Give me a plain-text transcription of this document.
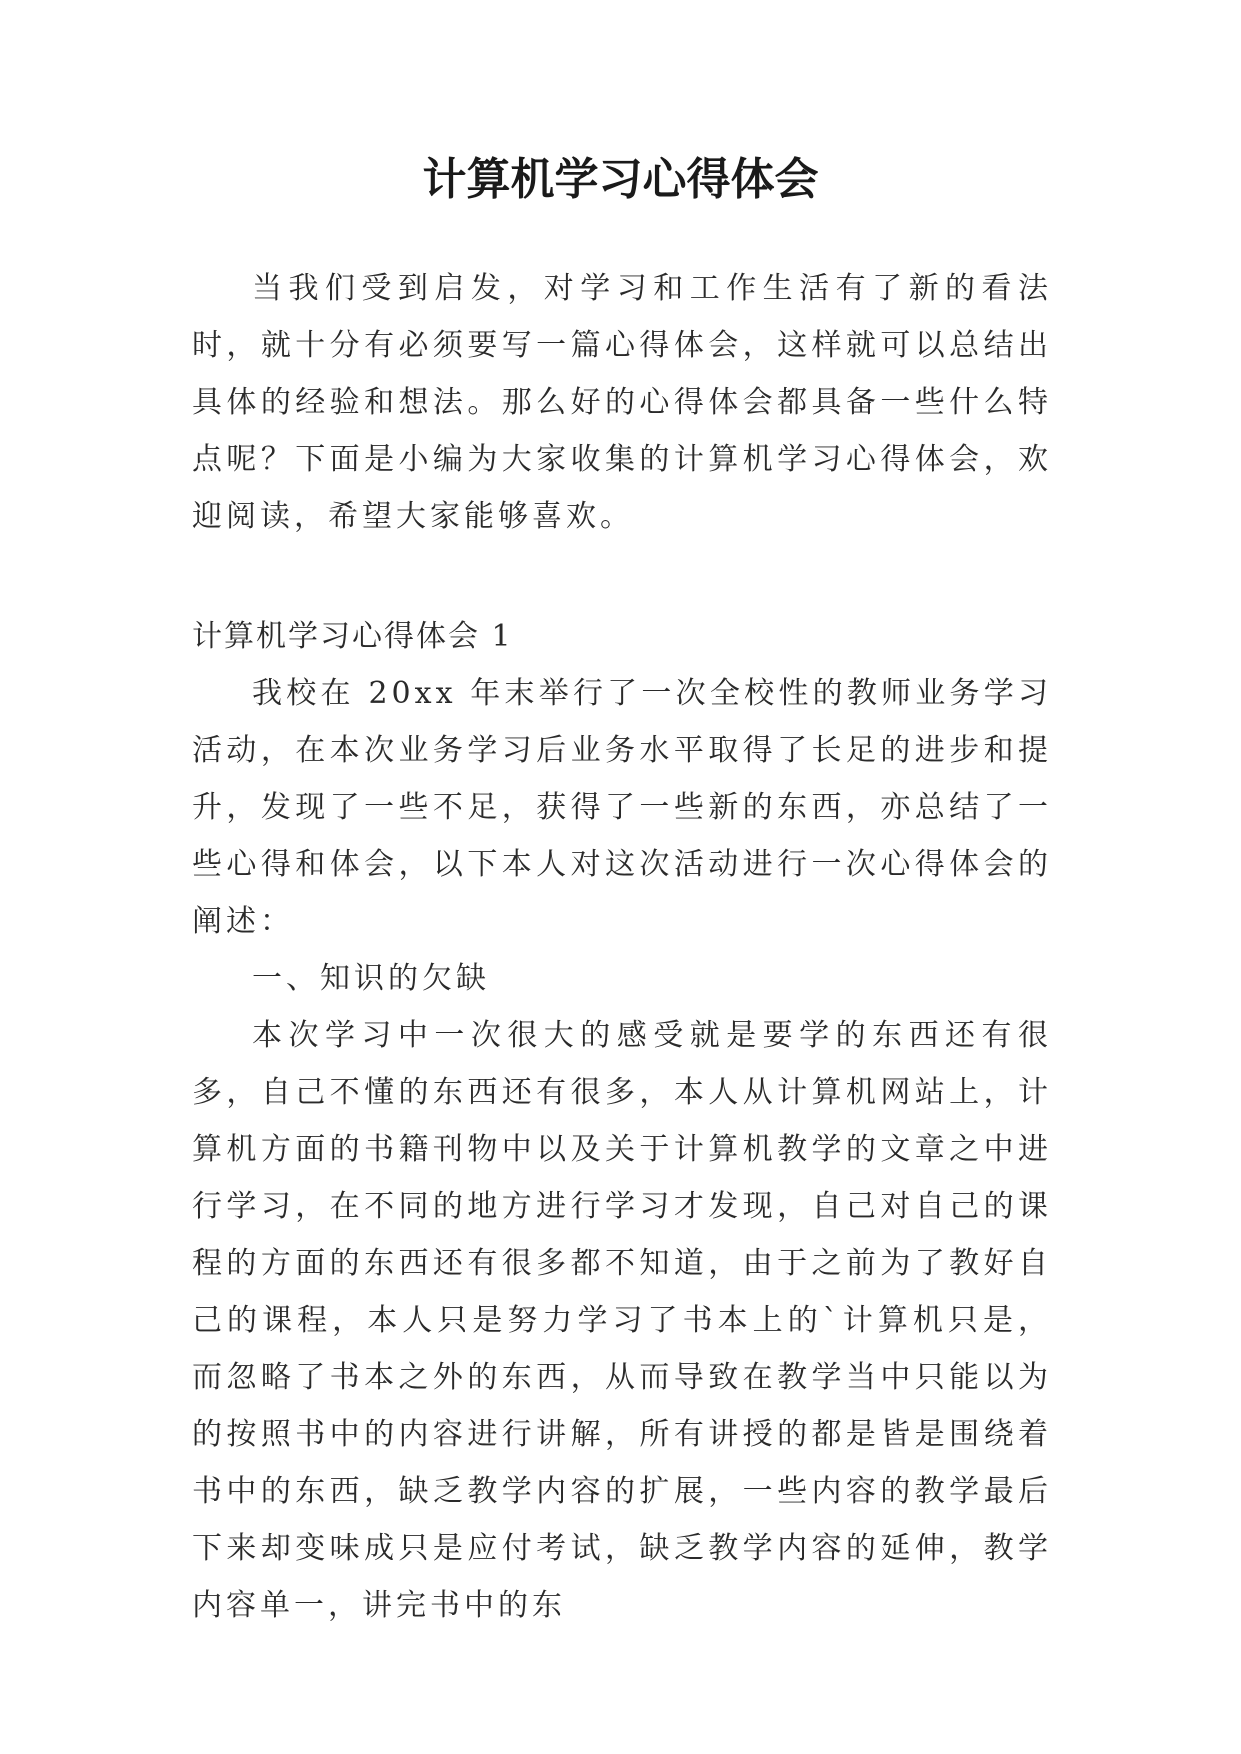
计算机学习心得体会

当我们受到启发，对学习和工作生活有了新的看法时，就十分有必须要写一篇心得体会，这样就可以总结出具体的经验和想法。那么好的心得体会都具备一些什么特点呢？下面是小编为大家收集的计算机学习心得体会，欢迎阅读，希望大家能够喜欢。

计算机学习心得体会 1

我校在 20xx 年末举行了一次全校性的教师业务学习活动，在本次业务学习后业务水平取得了长足的进步和提升，发现了一些不足，获得了一些新的东西，亦总结了一些心得和体会，以下本人对这次活动进行一次心得体会的阐述：

一、知识的欠缺

本次学习中一次很大的感受就是要学的东西还有很多，自己不懂的东西还有很多，本人从计算机网站上，计算机方面的书籍刊物中以及关于计算机教学的文章之中进行学习，在不同的地方进行学习才发现，自己对自己的课程的方面的东西还有很多都不知道，由于之前为了教好自己的课程，本人只是努力学习了书本上的`计算机只是，而忽略了书本之外的东西，从而导致在教学当中只能以为的按照书中的内容进行讲解，所有讲授的都是皆是围绕着书中的东西，缺乏教学内容的扩展，一些内容的教学最后下来却变味成只是应付考试，缺乏教学内容的延伸，教学内容单一，讲完书中的东
